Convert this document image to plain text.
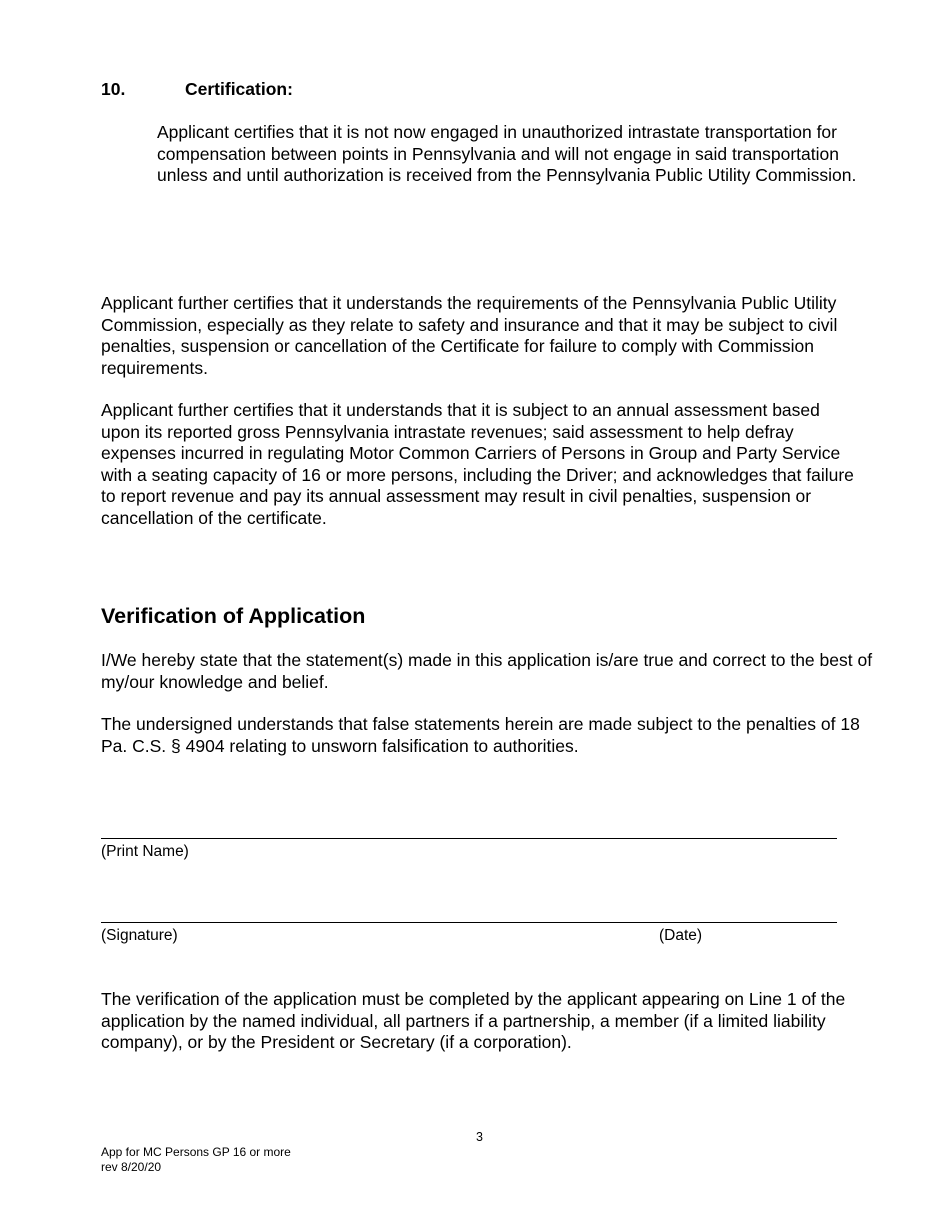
10.	Certification:

Applicant certifies that it is not now engaged in unauthorized intrastate transportation for compensation between points in Pennsylvania and will not engage in said transportation unless and until authorization is received from the Pennsylvania Public Utility Commission.

Applicant further certifies that it understands the requirements of the Pennsylvania Public Utility Commission, especially as they relate to safety and insurance and that it may be subject to civil penalties, suspension or cancellation of the Certificate for failure to comply with Commission requirements.

Applicant further certifies that it understands that it is subject to an annual assessment based upon its reported gross Pennsylvania intrastate revenues; said assessment to help defray expenses incurred in regulating Motor Common Carriers of Persons in Group and Party Service with a seating capacity of 16 or more persons, including the Driver; and acknowledges that failure to report revenue and pay its annual assessment may result in civil penalties, suspension or cancellation of the certificate.

Verification of Application

I/We hereby state that the statement(s) made in this application is/are true and correct to the best of my/our knowledge and belief.

The undersigned understands that false statements herein are made subject to the penalties of 18 Pa. C.S. § 4904 relating to unsworn falsification to authorities.

(Print Name)
(Signature)	(Date)

The verification of the application must be completed by the applicant appearing on Line 1 of the application by the named individual, all partners if a partnership, a member (if a limited liability company), or by the President or Secretary (if a corporation).

3
App for MC Persons GP 16 or more
rev 8/20/20
